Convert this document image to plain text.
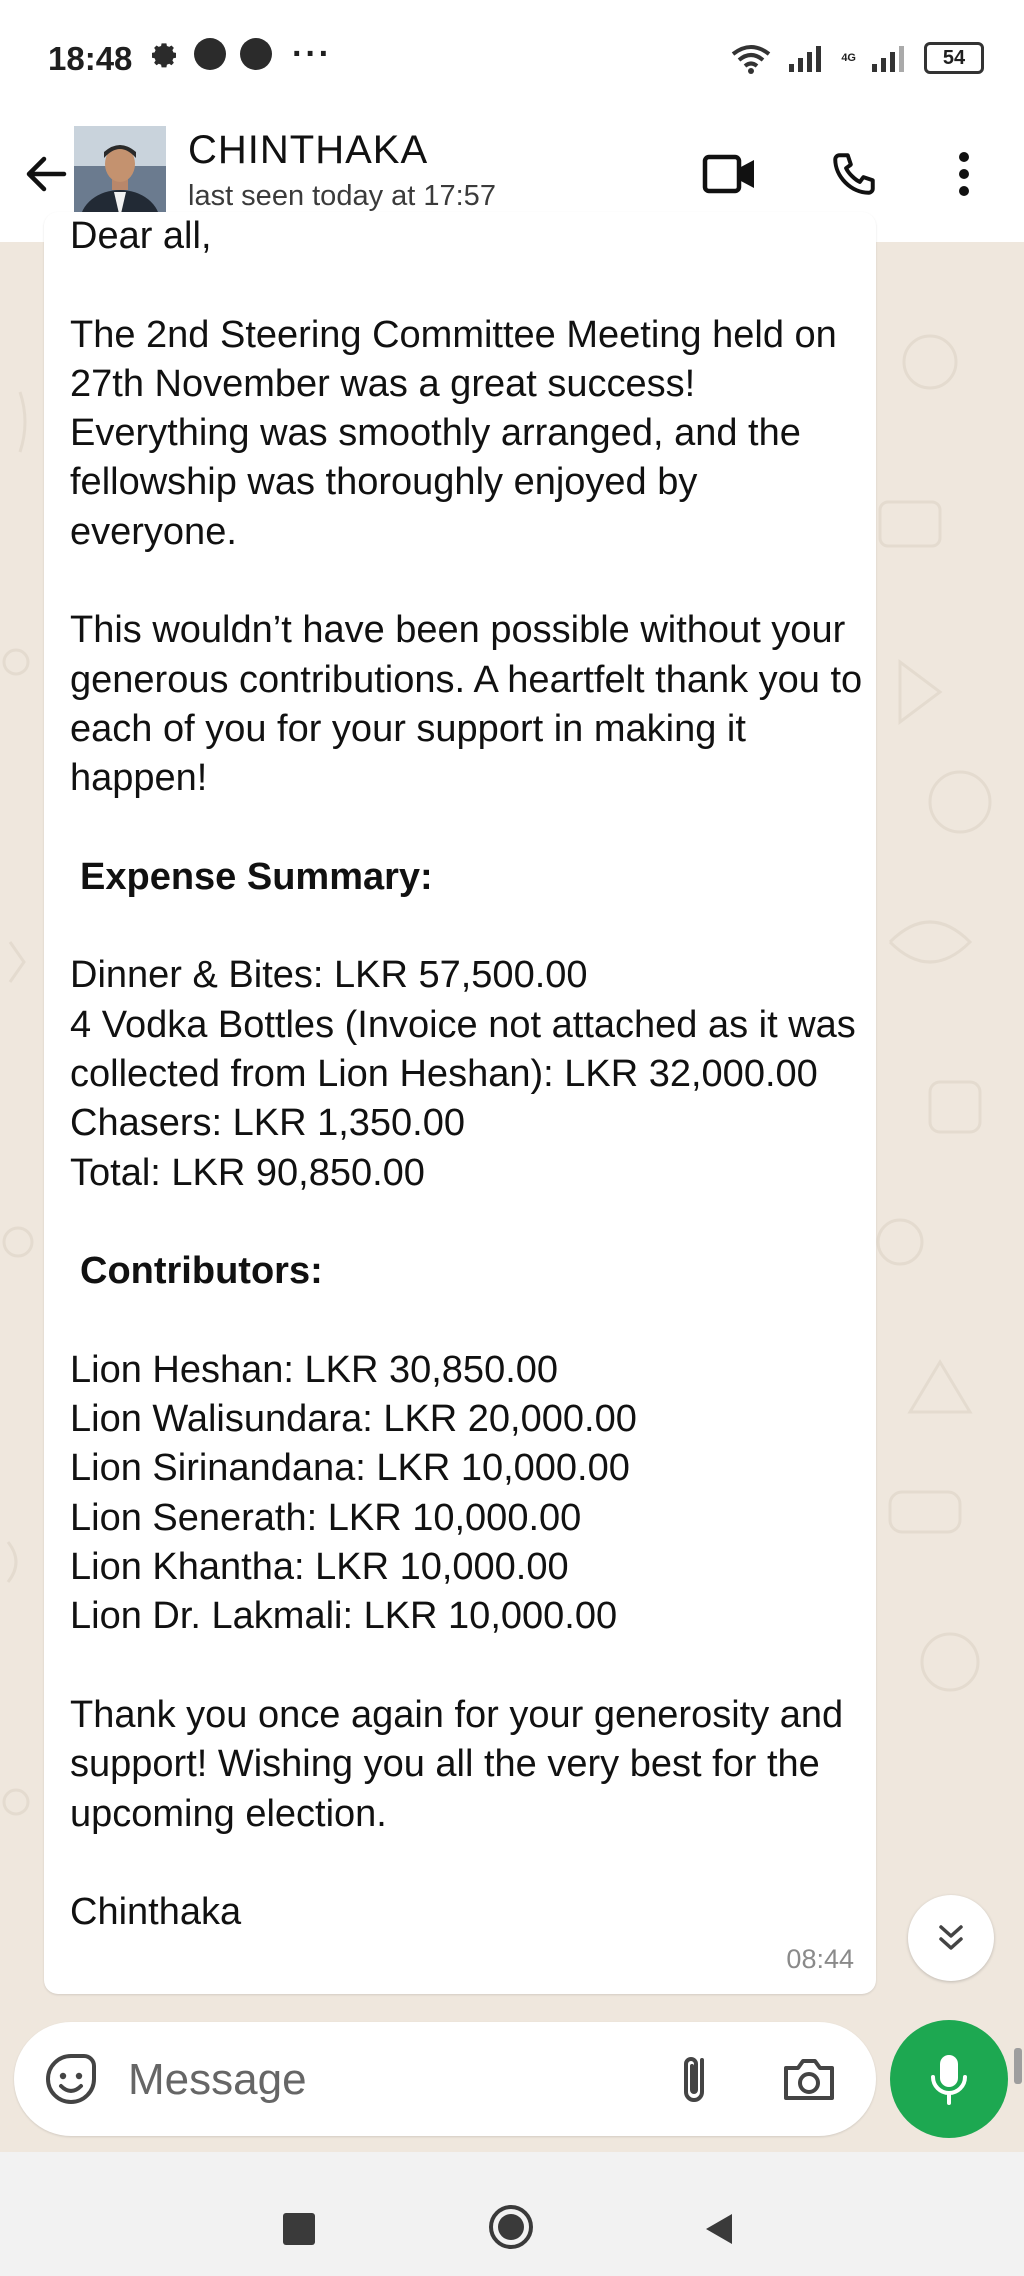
18:48	···	4G	54
CHINTHAKA
last seen today at 17:57

Dear all,

The 2nd Steering Committee Meeting held on 27th November was a great success! Everything was smoothly arranged, and the fellowship was thoroughly enjoyed by everyone.

This wouldn’t have been possible without your generous contributions. A heartfelt thank you to each of you for your support in making it happen!

Expense Summary:

Dinner & Bites: LKR 57,500.00

4 Vodka Bottles (Invoice not attached as it was collected from Lion Heshan): LKR 32,000.00

Chasers: LKR 1,350.00

Total: LKR 90,850.00

Contributors:

Lion Heshan: LKR 30,850.00

Lion Walisundara: LKR 20,000.00

Lion Sirinandana: LKR 10,000.00

Lion Senerath: LKR 10,000.00

Lion Khantha: LKR 10,000.00

Lion Dr. Lakmali: LKR 10,000.00

Thank you once again for your generosity and support! Wishing you all the very best for the upcoming election.

Chinthaka

08:44
Message
